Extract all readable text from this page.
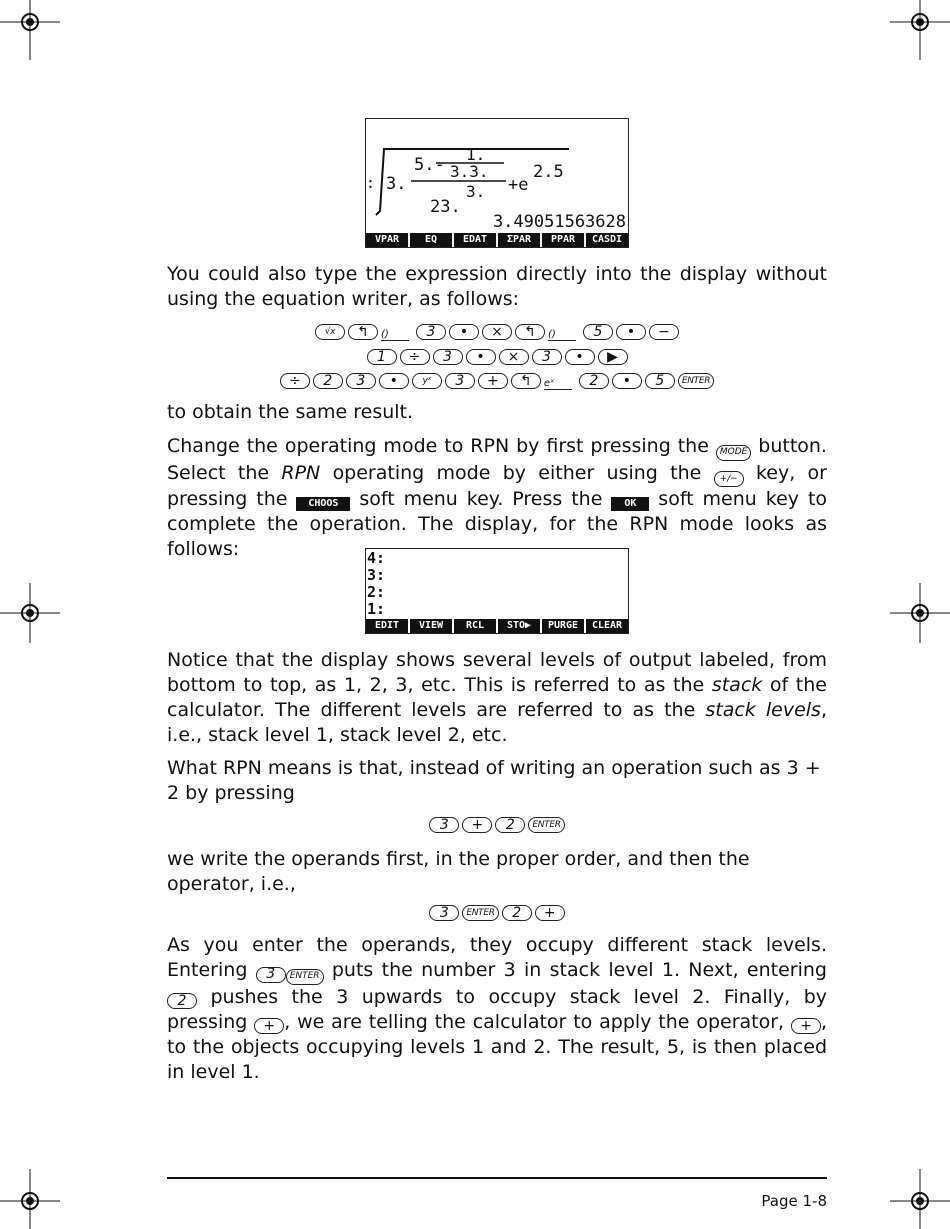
: 3.
5.-
1.
3.3.
3.
23.
+e
2.5
3.49051563628
VPAR	EQ	EDAT	ΣPAR	PPAR	CASDI
You could also type the expression directly into the display without using the equation writer, as follows:
√x	↰	()	3	•	×	↰	()	5	•	−
1	÷	3	•	×	3	•	▶
÷	2	3	•	yˣ	3	+	↰	eˣ	2	•	5	ENTER
to obtain the same result.
Change the operating mode to RPN by first pressing the MODE button. Select the RPN operating mode by either using the +/− key, or pressing the CHOOS soft menu key. Press the OK soft menu key to complete the operation. The display, for the RPN mode looks as follows:	4:
3:
2:
1:
EDIT	VIEW	RCL	STO▶	PURGE	CLEAR
Notice that the display shows several levels of output labeled, from bottom to top, as 1, 2, 3, etc. This is referred to as the stack of the calculator. The different levels are referred to as the stack levels, i.e., stack level 1, stack level 2, etc.
What RPN means is that, instead of writing an operation such as 3 + 2 by pressing
3	+	2	ENTER
we write the operands first, in the proper order, and then the operator, i.e.,
3	ENTER	2	+
As you enter the operands, they occupy different stack levels. Entering 3 ENTER puts the number 3 in stack level 1. Next, entering 2 pushes the 3 upwards to occupy stack level 2. Finally, by pressing + , we are telling the calculator to apply the operator, + , to the objects occupying levels 1 and 2. The result, 5, is then placed in level 1.
Page 1-8
